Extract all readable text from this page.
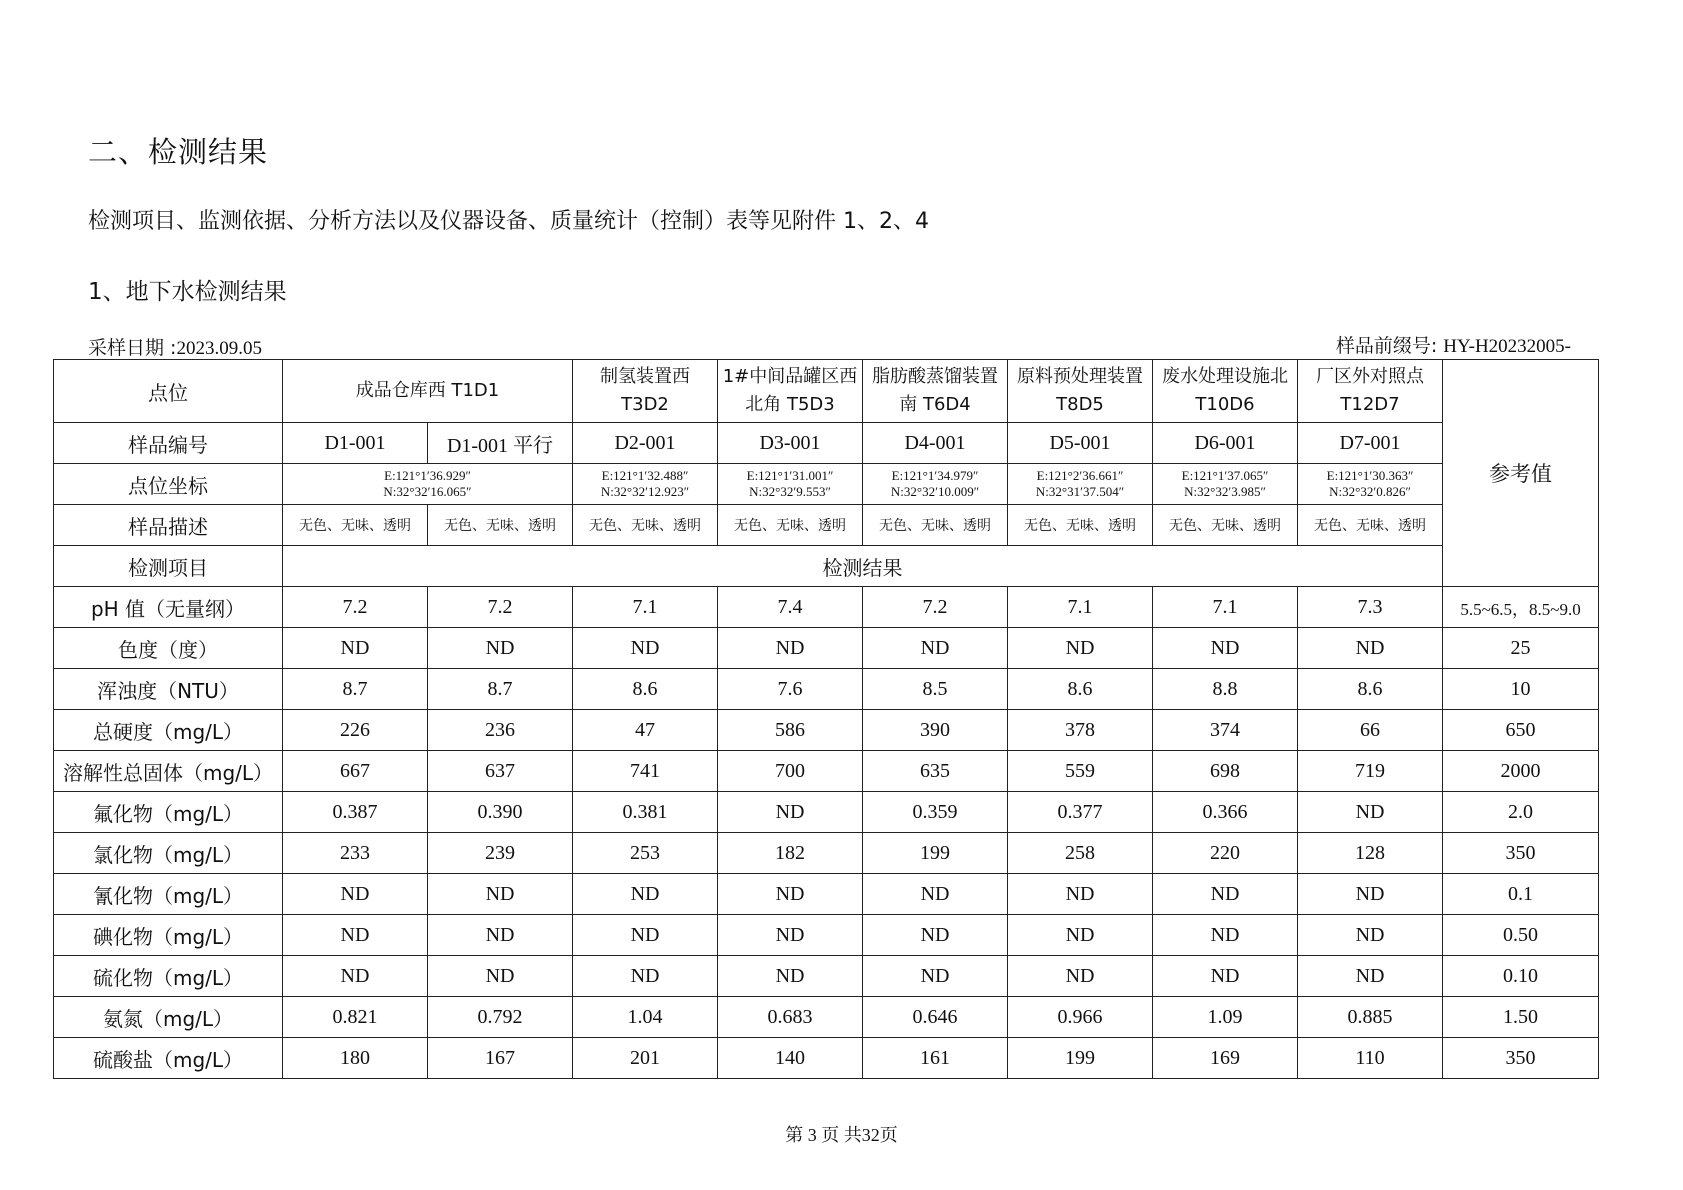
二、检测结果
检测项目、监测依据、分析方法以及仪器设备、质量统计（控制）表等见附件 1、2、4
1、地下水检测结果
采样日期 :2023.09.05	样品前缀号: HY-H20232005-
点位	成品仓库西 T1D1		制氢装置西 T3D2	1#中间品罐区西北角 T5D3	脂肪酸蒸馏装置南 T6D4	原料预处理装置 T8D5	废水处理设施北 T10D6	厂区外对照点 T12D7	参考值
样品编号	D1-001	D1-001 平行	D2-001	D3-001	D4-001	D5-001	D6-001	D7-001	
点位坐标	E:121°1′36.929″
N:32°32′16.065″		E:121°1′32.488″
N:32°32′12.923″	E:121°1′31.001″
N:32°32′9.553″	E:121°1′34.979″
N:32°32′10.009″	E:121°2′36.661″
N:32°31′37.504″	E:121°1′37.065″
N:32°32′3.985″	E:121°1′30.363″
N:32°32′0.826″	
样品描述	无色、无味、透明	无色、无味、透明	无色、无味、透明	无色、无味、透明	无色、无味、透明	无色、无味、透明	无色、无味、透明	无色、无味、透明	
检测项目	检测结果								
pH 值（无量纲）	7.2	7.2	7.1	7.4	7.2	7.1	7.1	7.3	5.5~6.5，8.5~9.0
色度（度）	ND	ND	ND	ND	ND	ND	ND	ND	25
浑浊度（NTU）	8.7	8.7	8.6	7.6	8.5	8.6	8.8	8.6	10
总硬度（mg/L）	226	236	47	586	390	378	374	66	650
溶解性总固体（mg/L）	667	637	741	700	635	559	698	719	2000
氟化物（mg/L）	0.387	0.390	0.381	ND	0.359	0.377	0.366	ND	2.0
氯化物（mg/L）	233	239	253	182	199	258	220	128	350
氰化物（mg/L）	ND	ND	ND	ND	ND	ND	ND	ND	0.1
碘化物（mg/L）	ND	ND	ND	ND	ND	ND	ND	ND	0.50
硫化物（mg/L）	ND	ND	ND	ND	ND	ND	ND	ND	0.10
氨氮（mg/L）	0.821	0.792	1.04	0.683	0.646	0.966	1.09	0.885	1.50
硫酸盐（mg/L）	180	167	201	140	161	199	169	110	350
第 3 页 共32页
